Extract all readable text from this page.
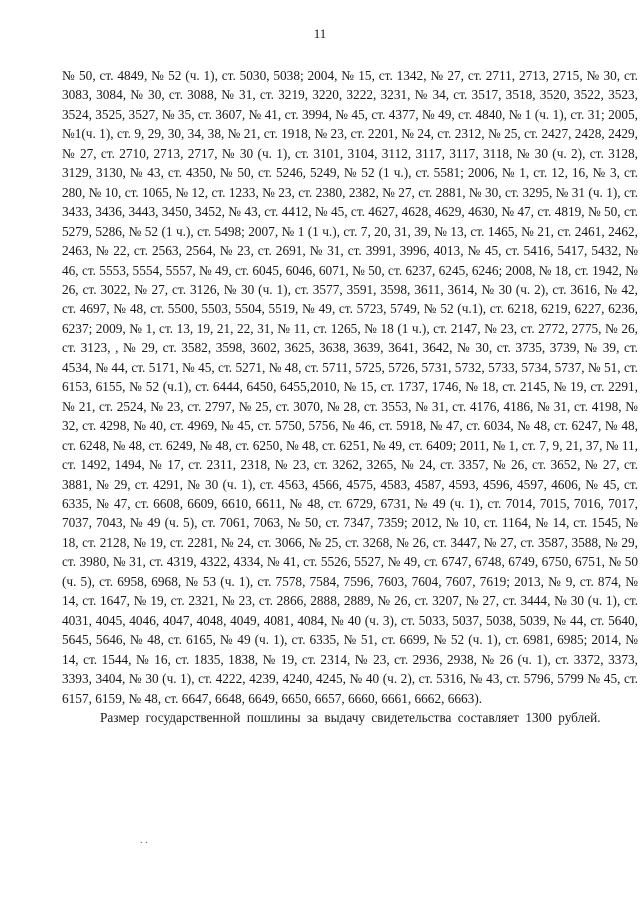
11

№ 50, ст. 4849, № 52 (ч. 1), ст. 5030, 5038; 2004, № 15, ст. 1342, № 27, ст. 2711, 2713, 2715, № 30, ст. 3083, 3084, № 30, ст. 3088, № 31, ст. 3219, 3220, 3222, 3231, № 34, ст. 3517, 3518, 3520, 3522, 3523, 3524, 3525, 3527, № 35, ст. 3607, № 41, ст. 3994, № 45, ст. 4377, № 49, ст. 4840, № 1 (ч. 1), ст. 31; 2005, №1(ч. 1), ст. 9, 29, 30, 34, 38, № 21, ст. 1918, № 23, ст. 2201, № 24, ст. 2312, № 25, ст. 2427, 2428, 2429, № 27, ст. 2710, 2713, 2717, № 30 (ч. 1), ст. 3101, 3104, 3112, 3117, 3117, 3118, № 30 (ч. 2), ст. 3128, 3129, 3130, № 43, ст. 4350, № 50, ст. 5246, 5249, № 52 (1 ч.), ст. 5581; 2006, № 1, ст. 12, 16, № 3, ст. 280, № 10, ст. 1065, № 12, ст. 1233, № 23, ст. 2380, 2382, № 27, ст. 2881, № 30, ст. 3295, № 31 (ч. 1), ст. 3433, 3436, 3443, 3450, 3452, № 43, ст. 4412, № 45, ст. 4627, 4628, 4629, 4630, № 47, ст. 4819, № 50, ст. 5279, 5286, № 52 (1 ч.), ст. 5498; 2007, № 1 (1 ч.), ст. 7, 20, 31, 39, № 13, ст. 1465, № 21, ст. 2461, 2462, 2463, № 22, ст. 2563, 2564, № 23, ст. 2691, № 31, ст. 3991, 3996, 4013, № 45, ст. 5416, 5417, 5432, № 46, ст. 5553, 5554, 5557, № 49, ст. 6045, 6046, 6071, № 50, ст. 6237, 6245, 6246; 2008, № 18, ст. 1942, № 26, ст. 3022, № 27, ст. 3126, № 30 (ч. 1), ст. 3577, 3591, 3598, 3611, 3614, № 30 (ч. 2), ст. 3616, № 42, ст. 4697, № 48, ст. 5500, 5503, 5504, 5519, № 49, ст. 5723, 5749, № 52 (ч.1), ст. 6218, 6219, 6227, 6236, 6237; 2009, № 1, ст. 13, 19, 21, 22, 31, № 11, ст. 1265, № 18 (1 ч.), ст. 2147, № 23, ст. 2772, 2775, № 26, ст. 3123, , № 29, ст. 3582, 3598, 3602, 3625, 3638, 3639, 3641, 3642, № 30, ст. 3735, 3739, № 39, ст. 4534, № 44, ст. 5171, № 45, ст. 5271, № 48, ст. 5711, 5725, 5726, 5731, 5732, 5733, 5734, 5737, № 51, ст. 6153, 6155, № 52 (ч.1), ст. 6444, 6450, 6455,2010, № 15, ст. 1737, 1746, № 18, ст. 2145, № 19, ст. 2291, № 21, ст. 2524, № 23, ст. 2797, № 25, ст. 3070, № 28, ст. 3553, № 31, ст. 4176, 4186, № 31, ст. 4198, № 32, ст. 4298, № 40, ст. 4969, № 45, ст. 5750, 5756, № 46, ст. 5918, № 47, ст. 6034, № 48, ст. 6247, № 48, ст. 6248, № 48, ст. 6249, № 48, ст. 6250, № 48, ст. 6251, № 49, ст. 6409; 2011, № 1, ст. 7, 9, 21, 37, № 11, ст. 1492, 1494, № 17, ст. 2311, 2318, № 23, ст. 3262, 3265, № 24, ст. 3357, № 26, ст. 3652, № 27, ст. 3881, № 29, ст. 4291, № 30 (ч. 1), ст. 4563, 4566, 4575, 4583, 4587, 4593, 4596, 4597, 4606, № 45, ст. 6335, № 47, ст. 6608, 6609, 6610, 6611, № 48, ст. 6729, 6731, № 49 (ч. 1), ст. 7014, 7015, 7016, 7017, 7037, 7043, № 49 (ч. 5), ст. 7061, 7063, № 50, ст. 7347, 7359; 2012, № 10, ст. 1164, № 14, ст. 1545, № 18, ст. 2128, № 19, ст. 2281, № 24, ст. 3066, № 25, ст. 3268, № 26, ст. 3447, № 27, ст. 3587, 3588, № 29, ст. 3980, № 31, ст. 4319, 4322, 4334, № 41, ст. 5526, 5527, № 49, ст. 6747, 6748, 6749, 6750, 6751, № 50 (ч. 5), ст. 6958, 6968, № 53 (ч. 1), ст. 7578, 7584, 7596, 7603, 7604, 7607, 7619; 2013, № 9, ст. 874, № 14, ст. 1647, № 19, ст. 2321, № 23, ст. 2866, 2888, 2889, № 26, ст. 3207, № 27, ст. 3444, № 30 (ч. 1), ст. 4031, 4045, 4046, 4047, 4048, 4049, 4081, 4084, № 40 (ч. 3), ст. 5033, 5037, 5038, 5039, № 44, ст. 5640, 5645, 5646, № 48, ст. 6165, № 49 (ч. 1), ст. 6335, № 51, ст. 6699, № 52 (ч. 1), ст. 6981, 6985; 2014, № 14, ст. 1544, № 16, ст. 1835, 1838, № 19, ст. 2314, № 23, ст. 2936, 2938, № 26 (ч. 1), ст. 3372, 3373, 3393, 3404, № 30 (ч. 1), ст. 4222, 4239, 4240, 4245, № 40 (ч. 2), ст. 5316, № 43, ст. 5796, 5799 № 45, ст. 6157, 6159, № 48, ст. 6647, 6648, 6649, 6650, 6657, 6660, 6661, 6662, 6663).

Размер государственной пошлины за выдачу свидетельства составляет 1300 рублей.

. .
